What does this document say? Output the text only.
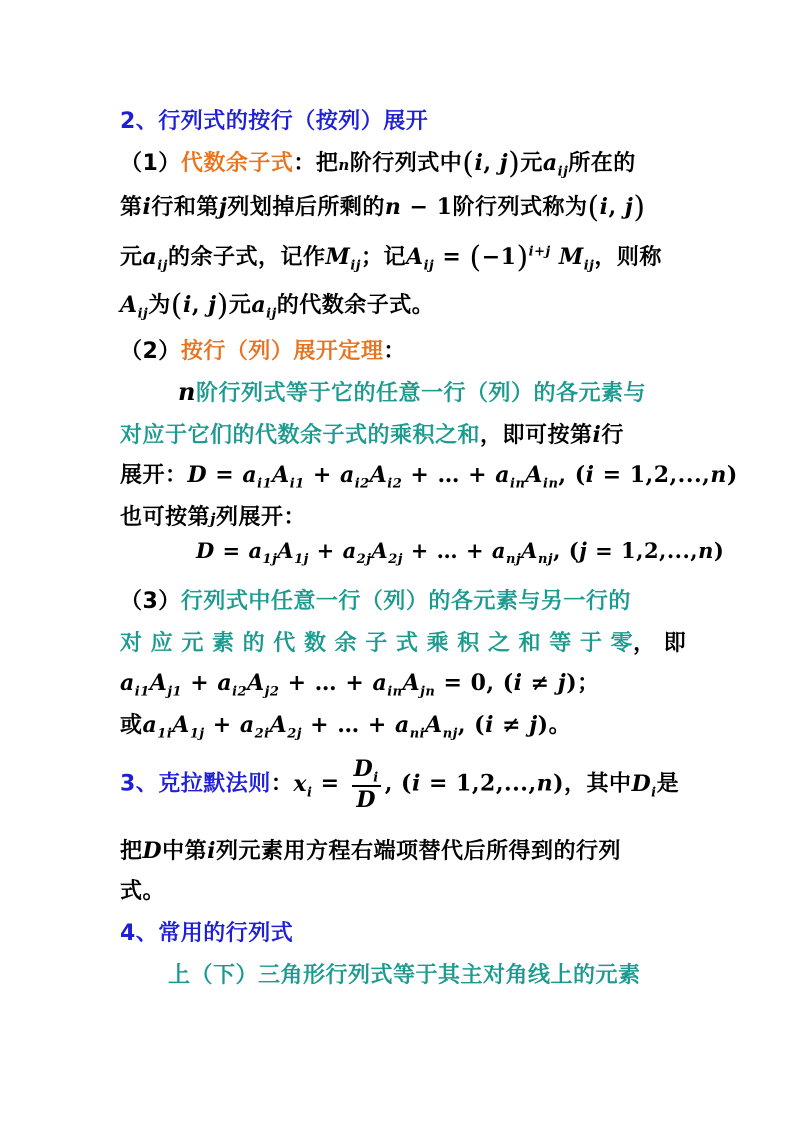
2、行列式的按行（按列）展开
（1）代数余子式：把n阶行列式中(i, j)元$a_{ij}$所在的
第i行和第j列划掉后所剩的n − 1阶行列式称为(i, j)
元$a_{ij}$的余子式，记作$M_{ij}$；记$A_{ij} = (-1)^{i+j}$ $M_{ij}$，则称
$A_{ij}$为(i, j)元$a_{ij}$的代数余子式。
（2）按行（列）展开定理：
n阶行列式等于它的任意一行（列）的各元素与
对应于它们的代数余子式的乘积之和，即可按第i行
展开：$D = a_{i1}A_{i1} + a_{i2}A_{i2}$ + … + $a_{in}A_{in}$, (i = 1,2,...,n)
也可按第j列展开：
$D = a_{1j}A_{1j} + a_{2j}A_{2j}$ + … + $a_{nj}A_{nj}$, (j = 1,2,...,n)
（3）行列式中任意一行（列）的各元素与另一行的
对 应 元 素 的 代 数 余 子 式 乘 积 之 和 等 于 零， 即
$a_{i1}A_{j1} + a_{i2}A_{j2}$ + … + $a_{in}A_{jn} = 0$, (i ≠ j)；
或$a_{1i}A_{1j} + a_{2i}A_{2j}$ + … + $a_{ni}A_{nj}$, (i ≠ j)。
3、克拉默法则：$x_i = \frac{D_i}{D}$ , (i = 1,2,...,n)，其中$D_i$是
把D中第i列元素用方程右端项替代后所得到的行列
式。
4、常用的行列式
上（下）三角形行列式等于其主对角线上的元素
